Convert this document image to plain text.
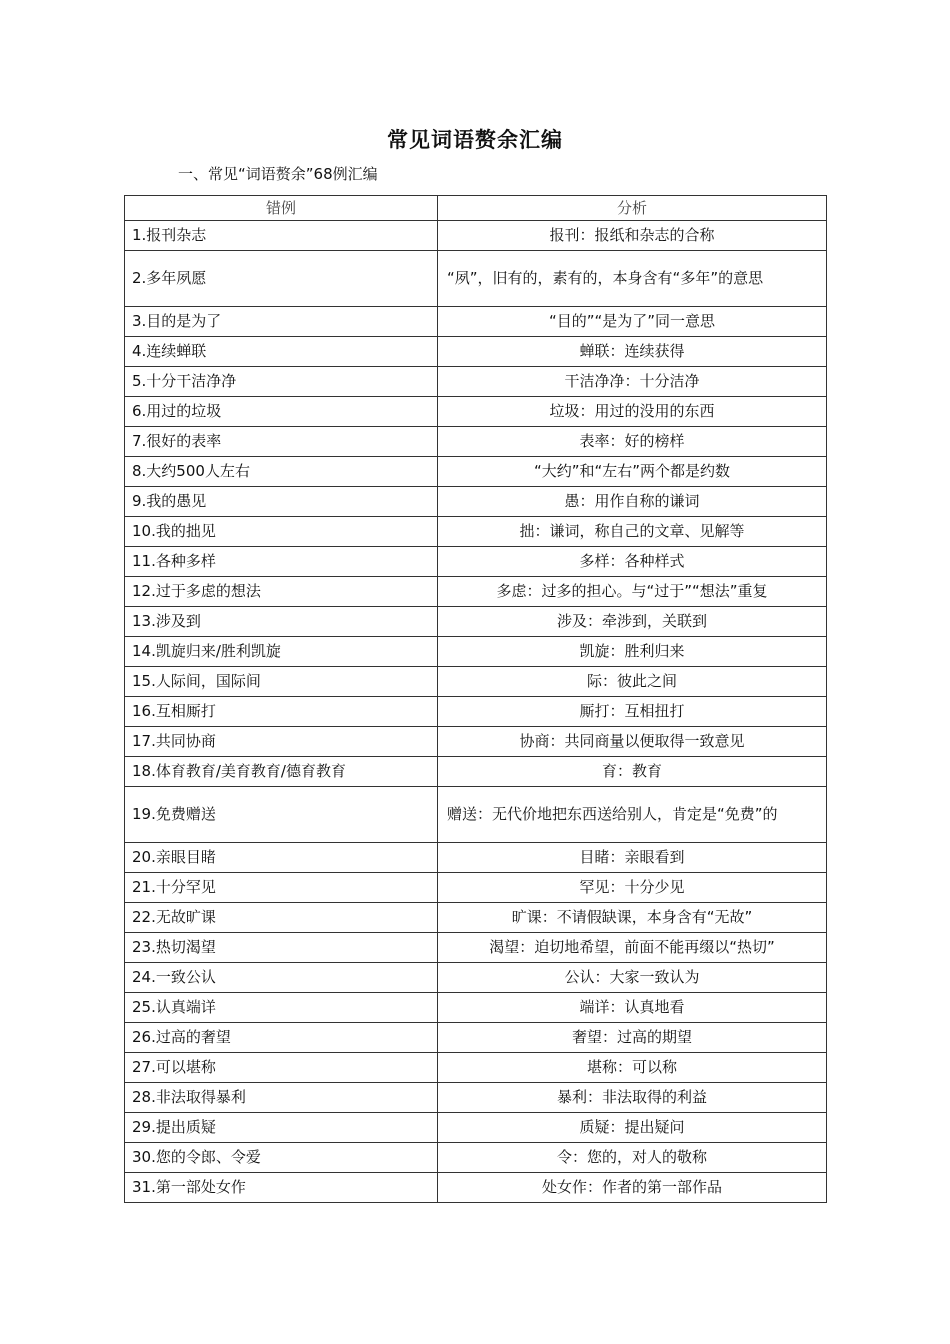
常见词语赘余汇编
一、常见“词语赘余”68例汇编
错例	分析
1.报刊杂志	报刊：报纸和杂志的合称
2.多年夙愿	“夙”，旧有的，素有的，本身含有“多年”的意思
3.目的是为了	“目的”“是为了”同一意思
4.连续蝉联	蝉联：连续获得
5.十分干洁净净	干洁净净：十分洁净
6.用过的垃圾	垃圾：用过的没用的东西
7.很好的表率	表率：好的榜样
8.大约500人左右	“大约”和“左右”两个都是约数
9.我的愚见	愚：用作自称的谦词
10.我的拙见	拙：谦词，称自己的文章、见解等
11.各种多样	多样：各种样式
12.过于多虑的想法	多虑：过多的担心。与“过于”“想法”重复
13.涉及到	涉及：牵涉到，关联到
14.凯旋归来/胜利凯旋	凯旋：胜利归来
15.人际间，国际间	际：彼此之间
16.互相厮打	厮打：互相扭打
17.共同协商	协商：共同商量以便取得一致意见
18.体育教育/美育教育/德育教育	育：教育
19.免费赠送	赠送：无代价地把东西送给别人，肯定是“免费”的
20.亲眼目睹	目睹：亲眼看到
21.十分罕见	罕见：十分少见
22.无故旷课	旷课：不请假缺课，本身含有“无故”
23.热切渴望	渴望：迫切地希望，前面不能再缀以“热切”
24.一致公认	公认：大家一致认为
25.认真端详	端详：认真地看
26.过高的奢望	奢望：过高的期望
27.可以堪称	堪称：可以称
28.非法取得暴利	暴利：非法取得的利益
29.提出质疑	质疑：提出疑问
30.您的令郎、令爱	令：您的，对人的敬称
31.第一部处女作	处女作：作者的第一部作品
